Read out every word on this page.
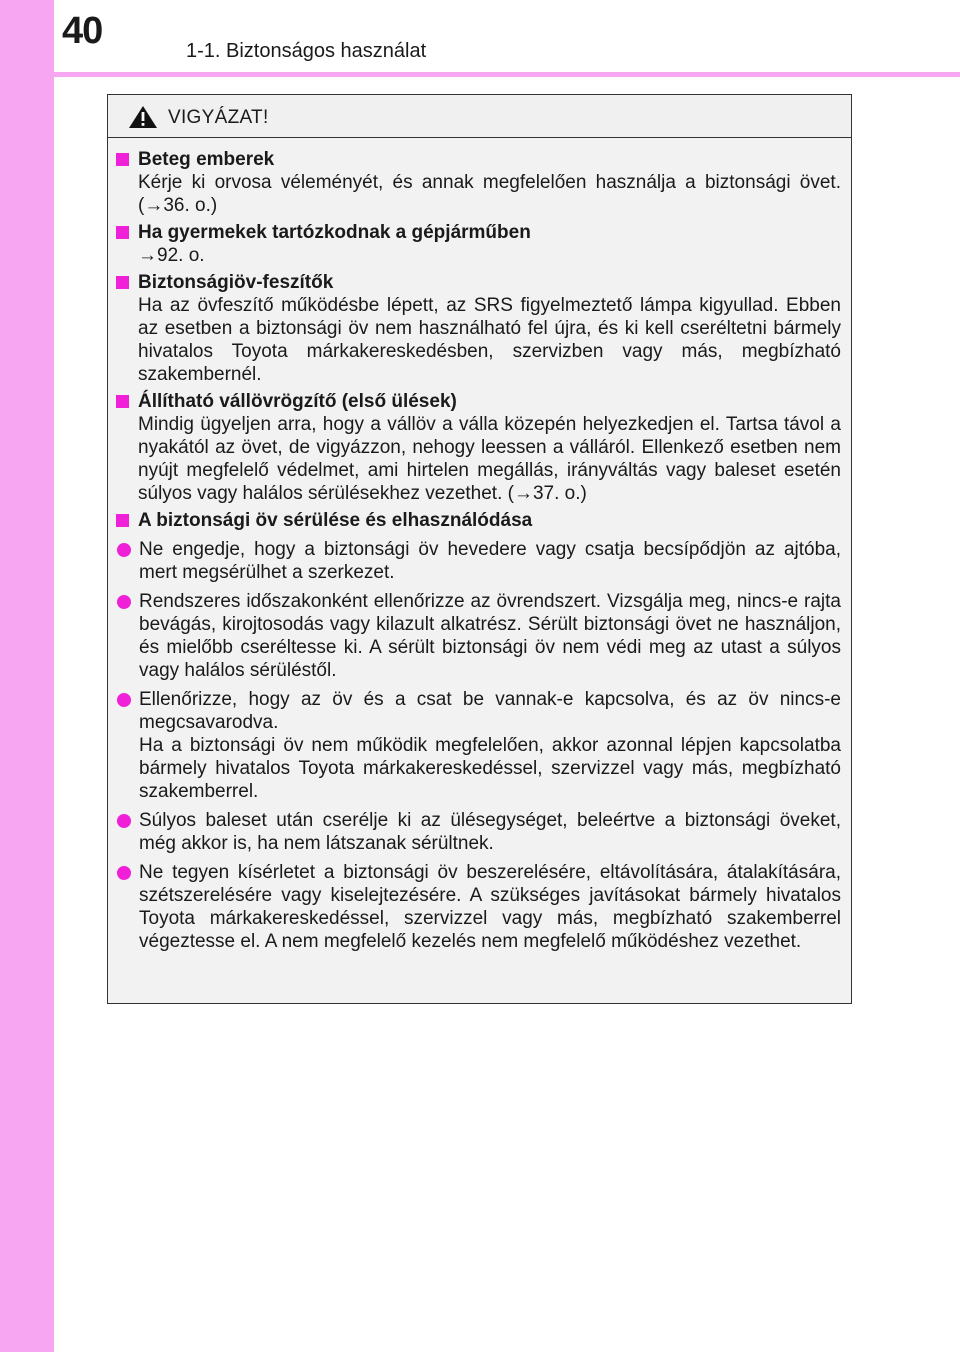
40	1-1. Biztonságos használat
VIGYÁZAT!
Beteg emberek
Kérje ki orvosa véleményét, és annak megfelelően használja a biztonsági övet. (→36. o.)
Ha gyermekek tartózkodnak a gépjárműben
→92. o.
Biztonságiöv-feszítők
Ha az övfeszítő működésbe lépett, az SRS figyelmeztető lámpa kigyullad. Ebben az esetben a biztonsági öv nem használható fel újra, és ki kell cseréltetni bármely hivatalos Toyota márkakereskedésben, szervizben vagy más, megbízható szakembernél.
Állítható vállövrögzítő (első ülések)
Mindig ügyeljen arra, hogy a vállöv a válla közepén helyezkedjen el. Tartsa távol a nyakától az övet, de vigyázzon, nehogy leessen a válláról. Ellenkező esetben nem nyújt megfelelő védelmet, ami hirtelen megállás, irányváltás vagy baleset esetén súlyos vagy halálos sérülésekhez vezethet. (→37. o.)
A biztonsági öv sérülése és elhasználódása
Ne engedje, hogy a biztonsági öv hevedere vagy csatja becsípődjön az ajtóba, mert megsérülhet a szerkezet.
Rendszeres időszakonként ellenőrizze az övrendszert. Vizsgálja meg, nincs-e rajta bevágás, kirojtosodás vagy kilazult alkatrész. Sérült biztonsági övet ne használjon, és mielőbb cseréltesse ki. A sérült biztonsági öv nem védi meg az utast a súlyos vagy halálos sérüléstől.
Ellenőrizze, hogy az öv és a csat be vannak-e kapcsolva, és az öv nincs-e megcsavarodva.
Ha a biztonsági öv nem működik megfelelően, akkor azonnal lépjen kapcsolatba bármely hivatalos Toyota márkakereskedéssel, szervizzel vagy más, megbízható szakemberrel.
Súlyos baleset után cserélje ki az ülésegységet, beleértve a biztonsági öveket, még akkor is, ha nem látszanak sérültnek.
Ne tegyen kísérletet a biztonsági öv beszerelésére, eltávolítására, átalakítására, szétszerelésére vagy kiselejtezésére. A szükséges javításokat bármely hivatalos Toyota márkakereskedéssel, szervizzel vagy más, megbízható szakemberrel végeztesse el. A nem megfelelő kezelés nem megfelelő működéshez vezethet.
